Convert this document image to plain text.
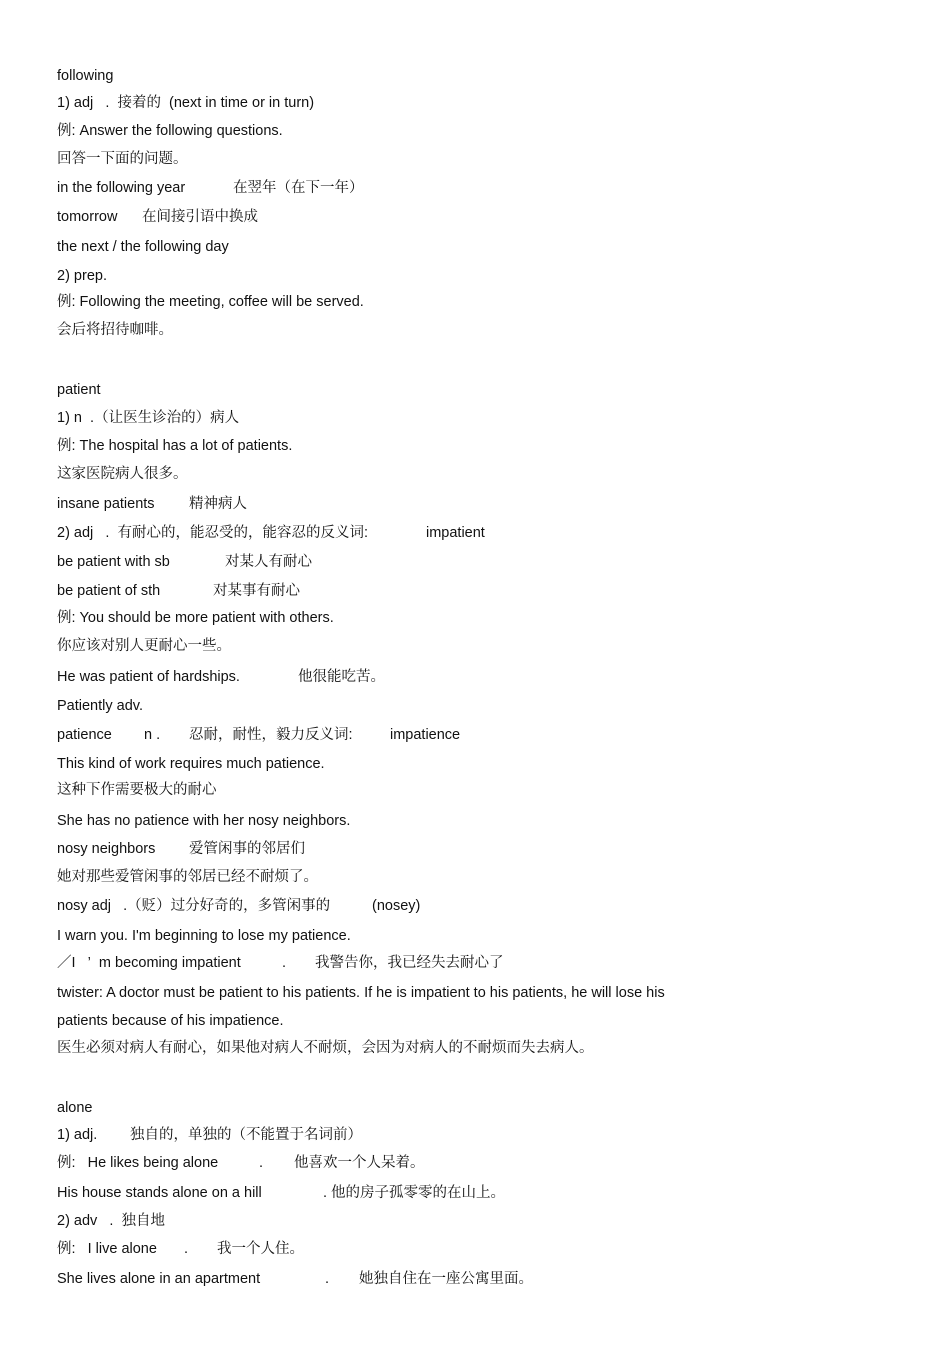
following
1) adj   .  接着的  (next in time or in turn)
例: Answer the following questions.
回答一下面的问题。

in the following year

	在翌年（在下一年）

tomorrow

在间接引语中换成

the next / the following day
2) prep.
例: Following the meeting, coffee will be served.
会后将招待咖啡。
patient
1) n  .（让医生诊治的）病人
例: The hospital has a lot of patients.
这家医院病人很多。

insane patients

精神病人

2) adj   .  有耐心的，能忍受的，能容忍的反义词:

	impatient

be patient with sb

	对某人有耐心

be patient of sth

	对某事有耐心

例: You should be more patient with others.
你应该对别人更耐心一些。

He was patient of hardships.

	他很能吃苦。

Patiently adv.

patience

n .

忍耐，耐性，毅力反义词:

	impatience

This kind of work requires much patience.
这种下作需要极大的耐心
She has no patience with her nosy neighbors.

nosy neighbors

爱管闲事的邻居们

她对那些爱管闲事的邻居已经不耐烦了。

nosy adj   .（贬）过分好奇的，多管闲事的

	(nosey)

I warn you. I'm beginning to lose my patience.

／I   ’  m becoming impatient

	.

我警告你，我已经失去耐心了

twister: A doctor must be patient to his patients. If he is impatient to his patients, he will lose his
patients because of his impatience.
医生必须对病人有耐心，如果他对病人不耐烦，会因为对病人的不耐烦而失去病人。
alone

1) adj.

独自的，单独的（不能置于名词前）

例:   He likes being alone

	.

他喜欢一个人呆着。

His house stands alone on a hill

	. 他的房子孤零零的在山上。

2) adv   .  独自地

例:   I live alone

.

我一个人住。

She lives alone in an apartment

	.

她独自住在一座公寓里面。
